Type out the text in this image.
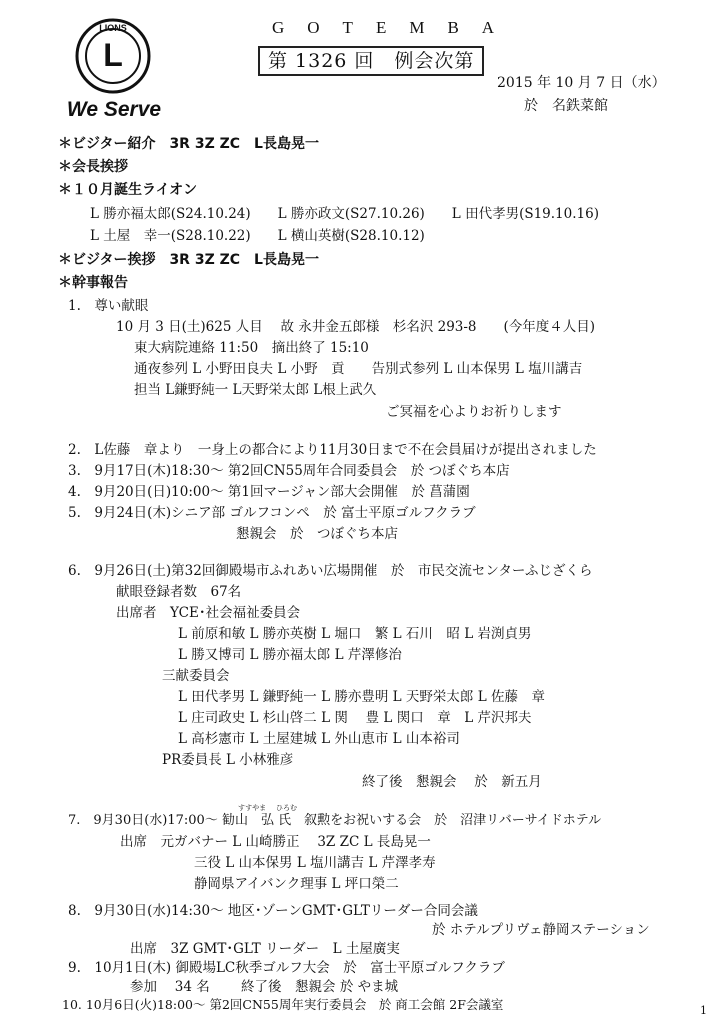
LIONS
L
We Serve
GOTEMBA
第 1326 回　例会次第
2015 年 10 月 7 日（水）
於　名鉄菜館
＊ビジター紹介　3R 3Z ZC　L長島晃一
＊会長挨拶
＊１０月誕生ライオン
L 勝亦福太郎(S24.10.24)　　L 勝亦政文(S27.10.26)　　L 田代孝男(S19.10.16)
L 土屋　幸一(S28.10.22)　　L 横山英樹(S28.10.12)
＊ビジター挨拶　3R 3Z ZC　L長島晃一
＊幹事報告
1.　尊い献眼
10 月 3 日(土)625 人目　 故 永井金五郎様　杉名沢 293-8　　(今年度４人目)
東大病院連絡 11:50　摘出終了 15:10
通夜参列 L 小野田良夫 L 小野　貢　　告別式参列 L 山本保男 L 塩川講吉
担当 L鎌野純一 L天野栄太郎 L根上武久
ご冥福を心よりお祈りします
2.　L佐藤　章より　一身上の都合により11月30日まで不在会員届けが提出されました
3.　9月17日(木)18:30～ 第2回CN55周年合同委員会　於 つぼぐち本店
4.　9月20日(日)10:00～ 第1回マージャン部大会開催　於 菖蒲園
5.　9月24日(木)シニア部 ゴルフコンペ　於 富士平原ゴルフクラブ
懇親会　於　つぼぐち本店
6.　9月26日(土)第32回御殿場市ふれあい広場開催　於　市民交流センターふじざくら
献眼登録者数　67名
出席者　YCE･社会福祉委員会
L 前原和敏 L 勝亦英樹 L 堀口　繁 L 石川　昭 L 岩渕貞男
L 勝又博司 L 勝亦福太郎 L 芹澤修治
三献委員会
L 田代孝男 L 鎌野純一 L 勝亦豊明 L 天野栄太郎 L 佐藤　章
L 庄司政史 L 杉山啓二 L 関　 豊 L 関口　章　L 芹沢邦夫
L 高杉憲市 L 土屋建城 L 外山恵市 L 山本裕司
PR委員長 L 小林雅彦
終了後　懇親会　 於　新五月
すすやま ひろむ
7.　9月30日(水)17:00～ 勧山　弘 氏　叙勲をお祝いする会　於　沼津リバーサイドホテル
出席　元ガバナー L 山崎勝正　 3Z ZC L 長島晃一
三役 L 山本保男 L 塩川講吉 L 芹澤孝寿
静岡県アイバンク理事 L 坪口榮二
8.　9月30日(水)14:30～ 地区･ゾーンGMT･GLTリーダー合同会議
於 ホテルプリヴェ静岡ステーション
出席　3Z GMT･GLT リーダー　L 土屋廣実
9.　10月1日(木) 御殿場LC秋季ゴルフ大会　於　富士平原ゴルフクラブ
参加　 34 名　　 終了後　懇親会 於 やま城
10. 10月6日(火)18:00～ 第2回CN55周年実行委員会　於 商工会館 2F会議室	1
